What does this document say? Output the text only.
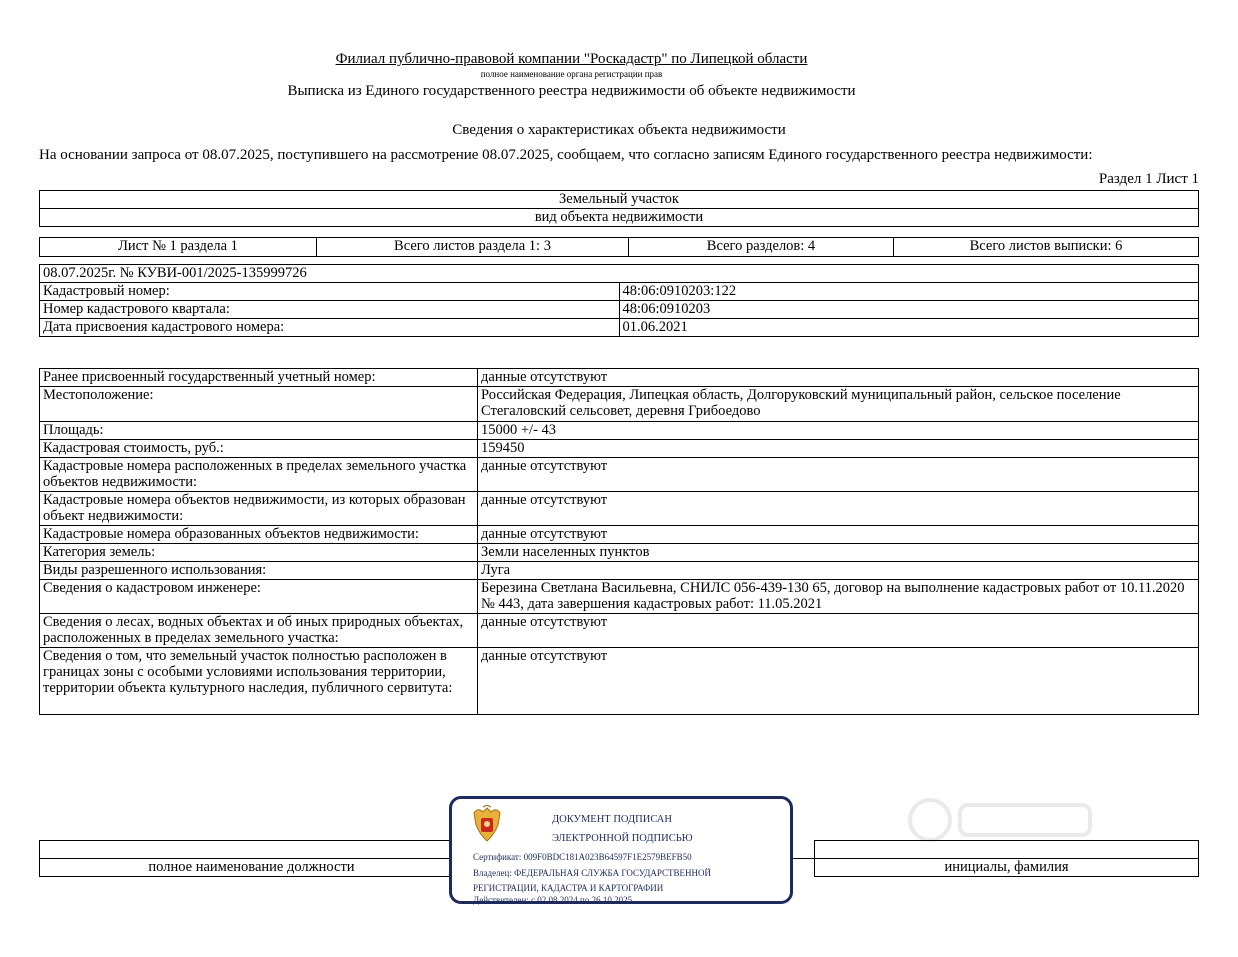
Филиал публично-правовой компании "Роскадастр" по Липецкой области
полное наименование органа регистрации прав
Выписка из Единого государственного реестра недвижимости об объекте недвижимости
Сведения о характеристиках объекта недвижимости
На основании запроса от 08.07.2025, поступившего на рассмотрение 08.07.2025, сообщаем, что согласно записям Единого государственного реестра недвижимости:
Раздел 1 Лист 1
Земельный участок
вид объекта недвижимости
Лист № 1 раздела 1	Всего листов раздела 1: 3	Всего разделов: 4	Всего листов выписки: 6
08.07.2025г. № КУВИ-001/2025-135999726	
Кадастровый номер:	48:06:0910203:122
Номер кадастрового квартала:	48:06:0910203
Дата присвоения кадастрового номера:	01.06.2021
Ранее присвоенный государственный учетный номер:	данные отсутствуют
Местоположение:	Российская Федерация, Липецкая область, Долгоруковский муниципальный район, сельское поселение Стегаловский сельсовет, деревня Грибоедово
Площадь:	15000 +/- 43
Кадастровая стоимость, руб.:	159450
Кадастровые номера расположенных в пределах земельного участка объектов недвижимости:	данные отсутствуют
Кадастровые номера объектов недвижимости, из которых образован объект недвижимости:	данные отсутствуют
Кадастровые номера образованных объектов недвижимости:	данные отсутствуют
Категория земель:	Земли населенных пунктов
Виды разрешенного использования:	Луга
Сведения о кадастровом инженере:	Березина Светлана Васильевна, СНИЛС 056-439-130 65, договор на выполнение кадастровых работ от 10.11.2020 № 443, дата завершения кадастровых работ: 11.05.2021
Сведения о лесах, водных объектах и об иных природных объектах, расположенных в пределах земельного участка:	данные отсутствуют
Сведения о том, что земельный участок полностью расположен в границах зоны с особыми условиями использования территории, территории объекта культурного наследия, публичного сервитута:	данные отсутствуют

полное наименование должности		инициалы, фамилия
ДОКУМЕНТ ПОДПИСАН
ЭЛЕКТРОННОЙ ПОДПИСЬЮ
Сертификат: 009F0BDC181A023B64597F1E2579BEFB50
Владелец: ФЕДЕРАЛЬНАЯ СЛУЖБА ГОСУДАРСТВЕННОЙ
РЕГИСТРАЦИИ, КАДАСТРА И КАРТОГРАФИИ
Действителен: с 02.08.2024 по 26.10.2025
